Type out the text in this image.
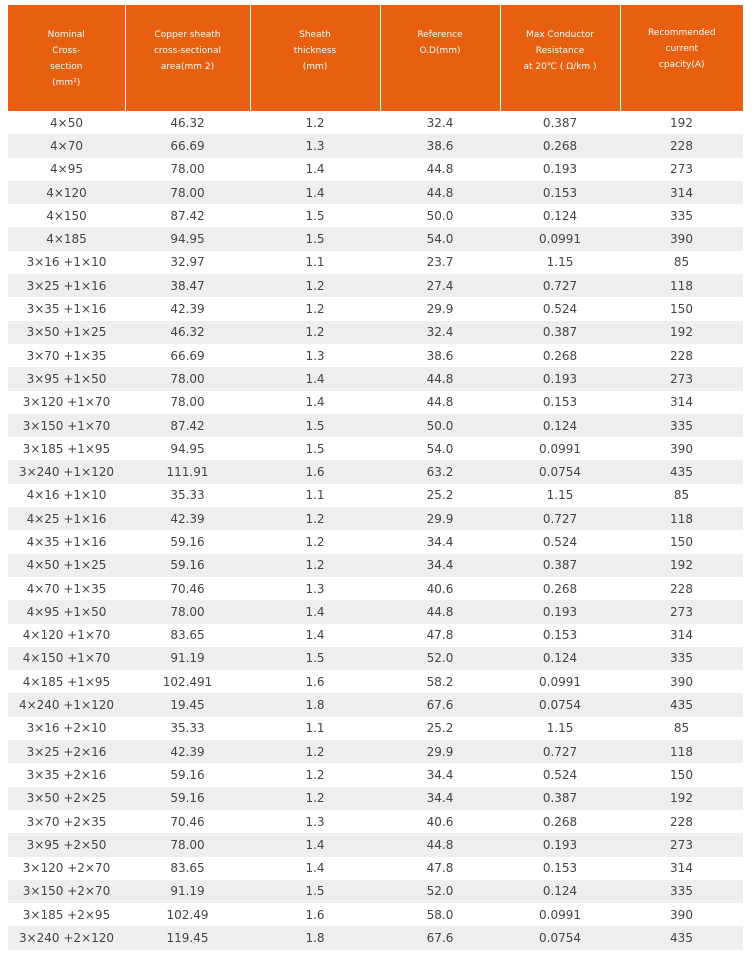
Nominal
Cross-
section
(mm²)	Copper sheath
cross-sectional
area(mm 2)	Sheath
thickness
(mm)	Reference
O.D(mm)	Max Conductor
Resistance
at 20℃ ( Ω/km )	Recommended
current
cpacity(A)

4×50	46.32	1.2	32.4	0.387	192
4×70	66.69	1.3	38.6	0.268	228
4×95	78.00	1.4	44.8	0.193	273
4×120	78.00	1.4	44.8	0.153	314
4×150	87.42	1.5	50.0	0.124	335
4×185	94.95	1.5	54.0	0.0991	390
3×16 +1×10	32.97	1.1	23.7	1.15	85
3×25 +1×16	38.47	1.2	27.4	0.727	118
3×35 +1×16	42.39	1.2	29.9	0.524	150
3×50 +1×25	46.32	1.2	32.4	0.387	192
3×70 +1×35	66.69	1.3	38.6	0.268	228
3×95 +1×50	78.00	1.4	44.8	0.193	273
3×120 +1×70	78.00	1.4	44.8	0.153	314
3×150 +1×70	87.42	1.5	50.0	0.124	335
3×185 +1×95	94.95	1.5	54.0	0.0991	390
3×240 +1×120	111.91	1.6	63.2	0.0754	435
4×16 +1×10	35.33	1.1	25.2	1.15	85
4×25 +1×16	42.39	1.2	29.9	0.727	118
4×35 +1×16	59.16	1.2	34.4	0.524	150
4×50 +1×25	59.16	1.2	34.4	0.387	192
4×70 +1×35	70.46	1.3	40.6	0.268	228
4×95 +1×50	78.00	1.4	44.8	0.193	273
4×120 +1×70	83.65	1.4	47.8	0.153	314
4×150 +1×70	91.19	1.5	52.0	0.124	335
4×185 +1×95	102.491	1.6	58.2	0.0991	390
4×240 +1×120	19.45	1.8	67.6	0.0754	435
3×16 +2×10	35.33	1.1	25.2	1.15	85
3×25 +2×16	42.39	1.2	29.9	0.727	118
3×35 +2×16	59.16	1.2	34.4	0.524	150
3×50 +2×25	59.16	1.2	34.4	0.387	192
3×70 +2×35	70.46	1.3	40.6	0.268	228
3×95 +2×50	78.00	1.4	44.8	0.193	273
3×120 +2×70	83.65	1.4	47.8	0.153	314
3×150 +2×70	91.19	1.5	52.0	0.124	335
3×185 +2×95	102.49	1.6	58.0	0.0991	390
3×240 +2×120	119.45	1.8	67.6	0.0754	435
